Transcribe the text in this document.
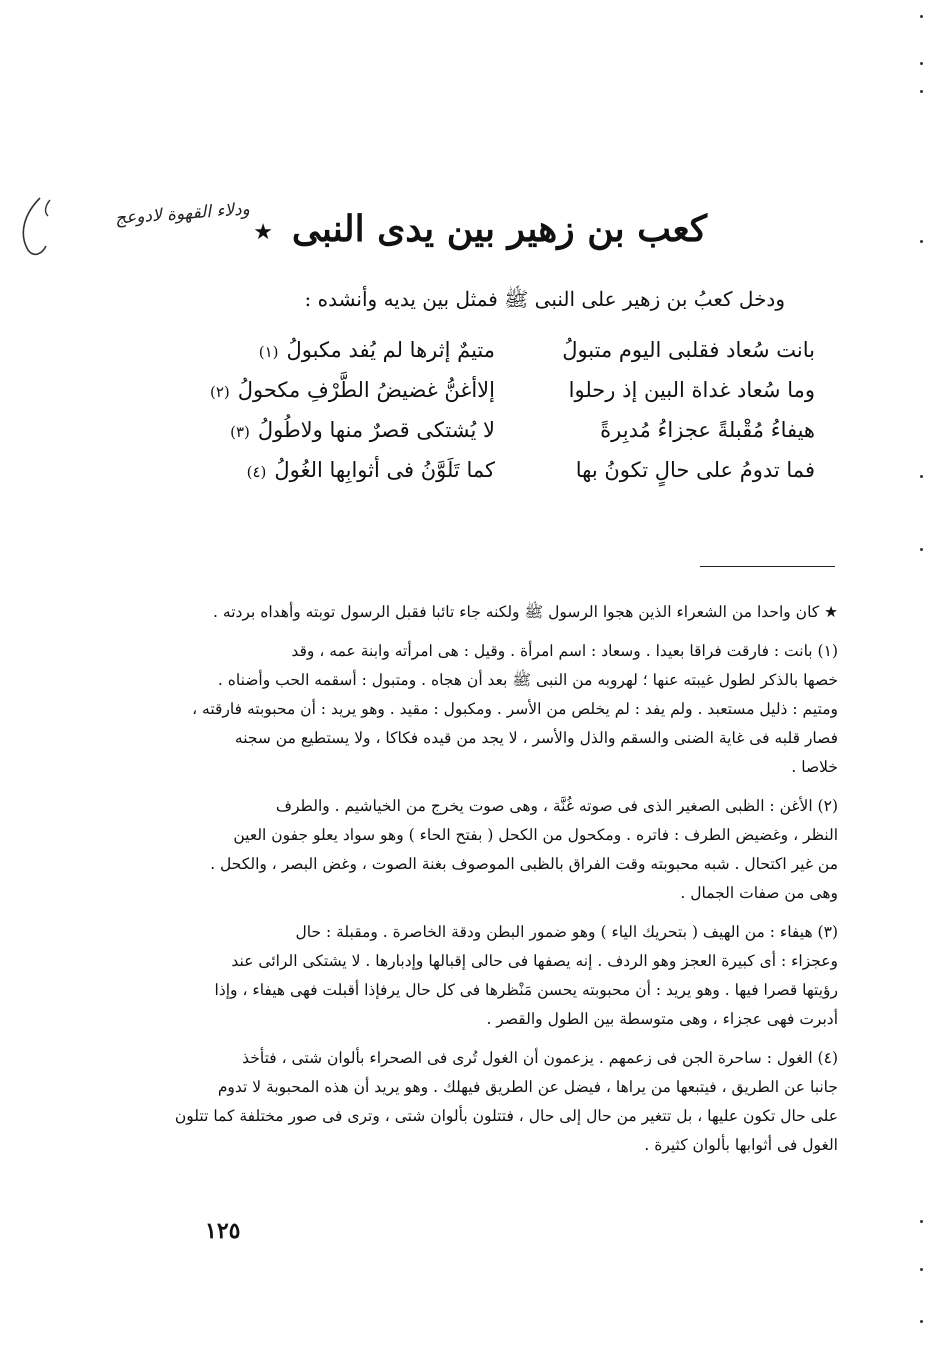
ودلاء القهوة لادوعج كعب بن زهير بين يدى النبى
★
ودخل كعبُ بن زهير على النبى ﷺ فمثل بين يديه وأنشده :
بانت سُعاد فقلبى اليوم متبولُ
متيمٌ إثرها لم يُفد مكبولُ(١)
وما سُعاد غداة البين إذ رحلوا
إلاأغنُّ غضيضُ الطَّرْفِ مكحولُ(٢)
هيفاءُ مُقْبلةً عجزاءُ مُدبِرةً
لا يُشتكى قصرٌ منها ولاطُولُ(٣)
فما تدومُ على حالٍ تكونُ بها
كما تَلَوَّنُ فى أثوابِها الغُولُ(٤)
★ كان واحدا من الشعراء الذين هجوا الرسول ﷺ ولكنه جاء تائبا فقبل الرسول توبته وأهداه بردته .
(١) بانت : فارقت فراقا بعيدا . وسعاد : اسم امرأة . وقيل : هى امرأته وابنة عمه ، وقد
خصها بالذكر لطول غيبته عنها ؛ لهروبه من النبى ﷺ بعد أن هجاه . ومتبول : أسقمه الحب وأضناه .
ومتيم : ذليل مستعبد . ولم يفد : لم يخلص من الأسر . ومكبول : مقيد . وهو يريد : أن محبوبته فارقته ،
فصار قلبه فى غاية الضنى والسقم والذل والأسر ، لا يجد من قيده فكاكا ، ولا يستطيع من سجنه
خلاصا .
(٢) الأغن : الظبى الصغير الذى فى صوته غُنَّة ، وهى صوت يخرج من الخياشيم . والطرف
النظر ، وغضيض الطرف : فاتره . ومكحول من الكحل ( بفتح الحاء ) وهو سواد يعلو جفون العين
من غير اكتحال . شبه محبوبته وقت الفراق بالظبى الموصوف بغنة الصوت ، وغض البصر ، والكحل .
وهى من صفات الجمال .
(٣) هيفاء : من الهيف ( بتحريك الياء ) وهو ضمور البطن ودقة الخاصرة . ومقبلة : حال
وعجزاء : أى كبيرة العجز وهو الردف . إنه يصفها فى حالى إقبالها وإدبارها . لا يشتكى الرائى عند
رؤيتها قصرا فيها . وهو يريد : أن محبوبته يحسن مَنْظرها فى كل حال يرفإذا أقبلت فهى هيفاء ، وإذا
أدبرت فهى عجزاء ، وهى متوسطة بين الطول والقصر .
(٤) الغول : ساحرة الجن فى زعمهم . يزعمون أن الغول تُرى فى الصحراء بألوان شتى ، فتأخذ
جانبا عن الطريق ، فيتبعها من يراها ، فيضل عن الطريق فيهلك . وهو يريد أن هذه المحبوبة لا تدوم
على حال تكون عليها ، بل تتغير من حال إلى حال ، فتتلون بألوان شتى ، وترى فى صور مختلفة كما تتلون
الغول فى أثوابها بألوان كثيرة .
١٢٥
